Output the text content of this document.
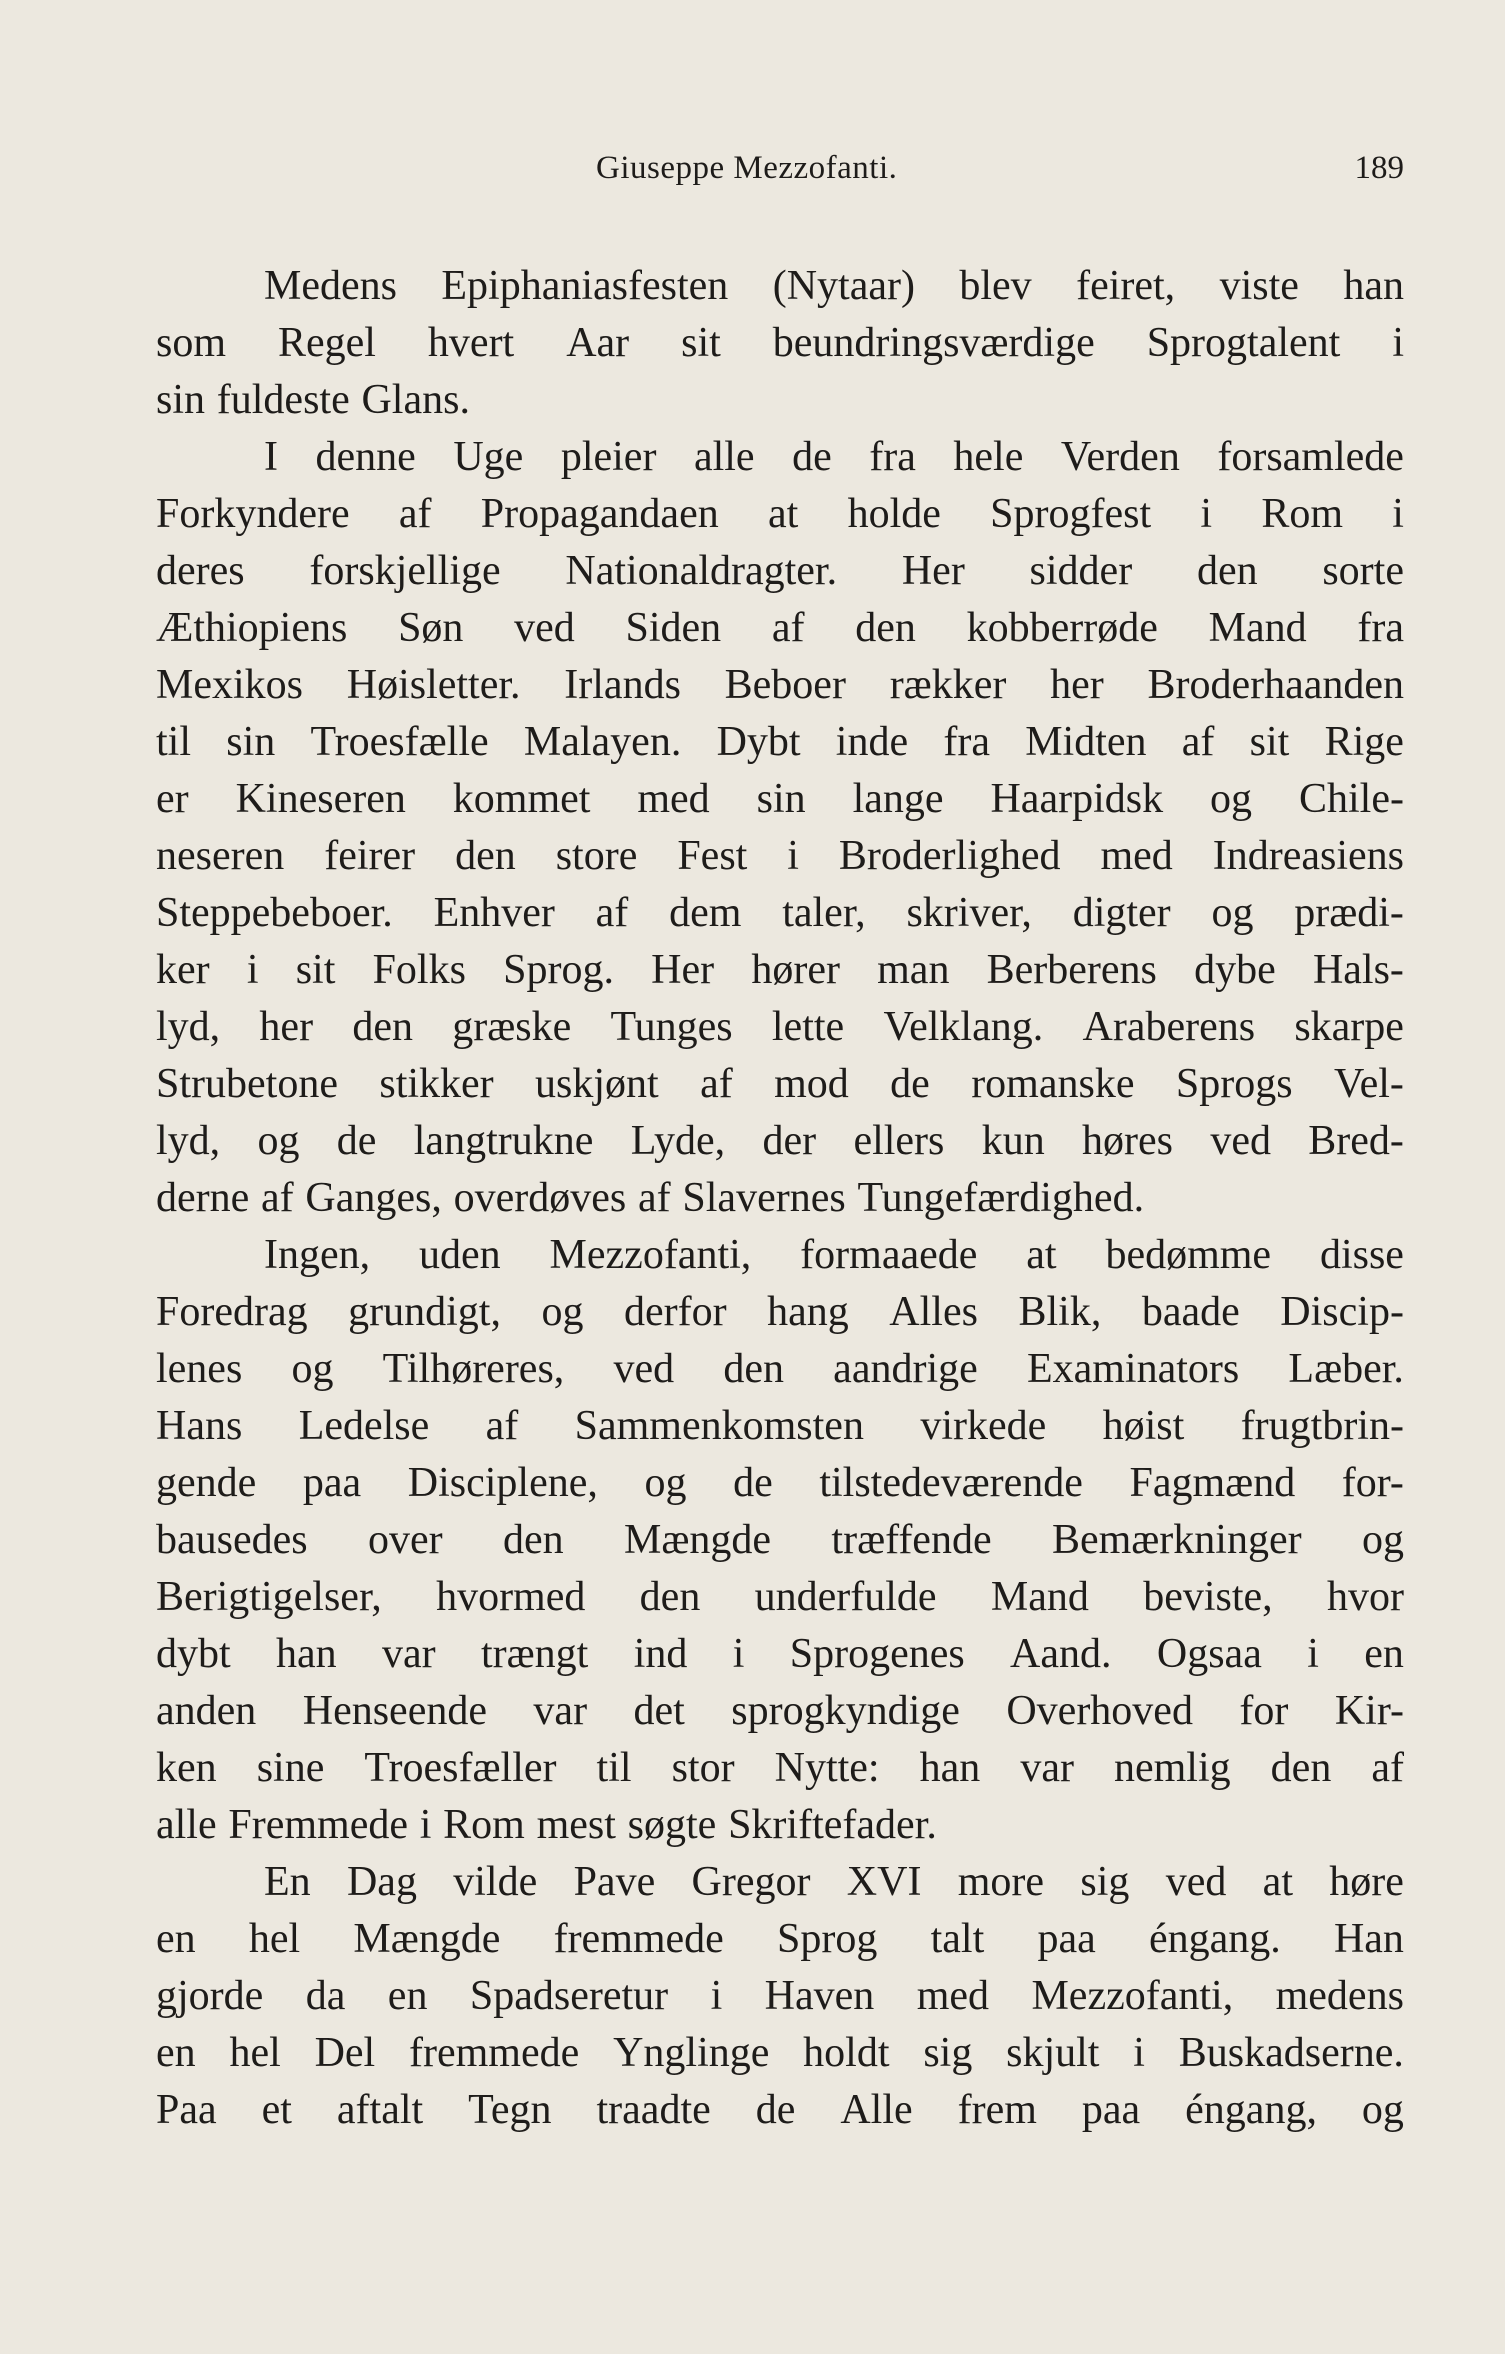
Giuseppe Mezzofanti.	189
Medens Epiphaniasfesten (Nytaar) blev feiret, viste han
som Regel hvert Aar sit beundringsværdige Sprogtalent i
sin fuldeste Glans.
I denne Uge pleier alle de fra hele Verden forsamlede
Forkyndere af Propagandaen at holde Sprogfest i Rom i
deres forskjellige Nationaldragter. Her sidder den sorte
Æthiopiens Søn ved Siden af den kobberrøde Mand fra
Mexikos Høisletter. Irlands Beboer rækker her Broderhaanden
til sin Troesfælle Malayen. Dybt inde fra Midten af sit Rige
er Kineseren kommet med sin lange Haarpidsk og Chile-
neseren feirer den store Fest i Broderlighed med Indreasiens
Steppebeboer. Enhver af dem taler, skriver, digter og prædi-
ker i sit Folks Sprog. Her hører man Berberens dybe Hals-
lyd, her den græske Tunges lette Velklang. Araberens skarpe
Strubetone stikker uskjønt af mod de romanske Sprogs Vel-
lyd, og de langtrukne Lyde, der ellers kun høres ved Bred-
derne af Ganges, overdøves af Slavernes Tungefærdighed.
Ingen, uden Mezzofanti, formaaede at bedømme disse
Foredrag grundigt, og derfor hang Alles Blik, baade Discip-
lenes og Tilhøreres, ved den aandrige Examinators Læber.
Hans Ledelse af Sammenkomsten virkede høist frugtbrin-
gende paa Disciplene, og de tilstedeværende Fagmænd for-
bausedes over den Mængde træffende Bemærkninger og
Berigtigelser, hvormed den underfulde Mand beviste, hvor
dybt han var trængt ind i Sprogenes Aand. Ogsaa i en
anden Henseende var det sprogkyndige Overhoved for Kir-
ken sine Troesfæller til stor Nytte: han var nemlig den af
alle Fremmede i Rom mest søgte Skriftefader.
En Dag vilde Pave Gregor XVI more sig ved at høre
en hel Mængde fremmede Sprog talt paa éngang. Han
gjorde da en Spadseretur i Haven med Mezzofanti, medens
en hel Del fremmede Ynglinge holdt sig skjult i Buskadserne.
Paa et aftalt Tegn traadte de Alle frem paa éngang, og
